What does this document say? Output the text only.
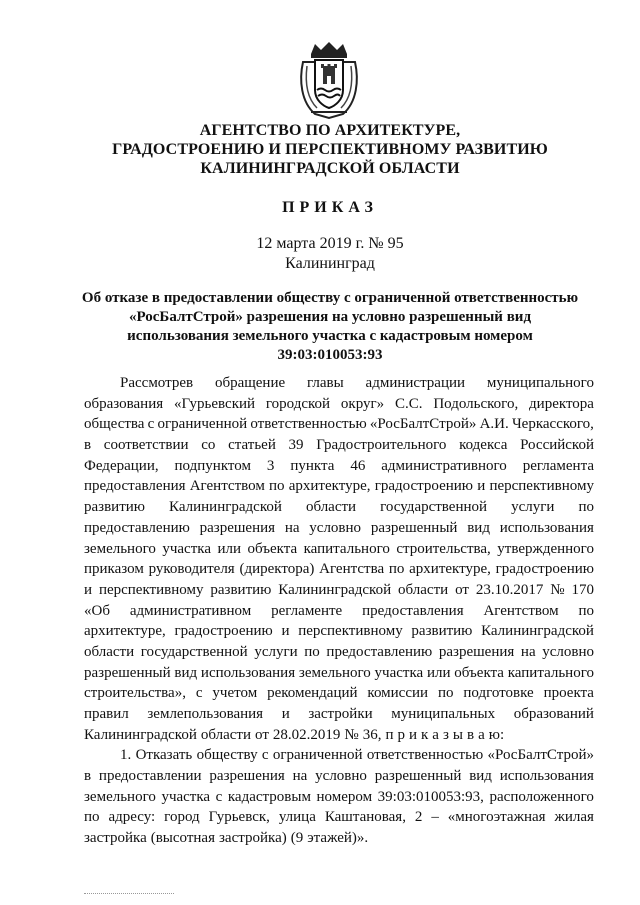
АГЕНТСТВО ПО АРХИТЕКТУРЕ,
ГРАДОСТРОЕНИЮ И ПЕРСПЕКТИВНОМУ РАЗВИТИЮ
КАЛИНИНГРАДСКОЙ ОБЛАСТИ
ПРИКАЗ
12 марта 2019 г. № 95
Калининград
Об отказе в предоставлении обществу с ограниченной ответственностью
«РосБалтСтрой» разрешения на условно разрешенный вид
использования земельного участка с кадастровым номером
39:03:010053:93
Рассмотрев обращение главы администрации муниципального
образования «Гурьевский городской округ» С.С. Подольского, директора
общества с ограниченной ответственностью «РосБалтСтрой» А.И. Черкасского,
в соответствии со статьей 39 Градостроительного кодекса Российской
Федерации, подпунктом 3 пункта 46 административного регламента
предоставления Агентством по архитектуре, градостроению и перспективному
развитию Калининградской области государственной услуги по
предоставлению разрешения на условно разрешенный вид использования
земельного участка или объекта капитального строительства, утвержденного
приказом руководителя (директора) Агентства по архитектуре, градостроению
и перспективному развитию Калининградской области от 23.10.2017 № 170
«Об административном регламенте предоставления Агентством по
архитектуре, градостроению и перспективному развитию Калининградской
области государственной услуги по предоставлению разрешения на условно
разрешенный вид использования земельного участка или объекта капитального
строительства», с учетом рекомендаций комиссии по подготовке проекта
правил землепользования и застройки муниципальных образований
Калининградской области от 28.02.2019 № 36, п р и к а з ы в а ю:
1. Отказать обществу с ограниченной ответственностью «РосБалтСтрой»
в предоставлении разрешения на условно разрешенный вид использования
земельного участка с кадастровым номером 39:03:010053:93, расположенного
по адресу: город Гурьевск, улица Каштановая, 2 – «многоэтажная жилая
застройка (высотная застройка) (9 этажей)».
